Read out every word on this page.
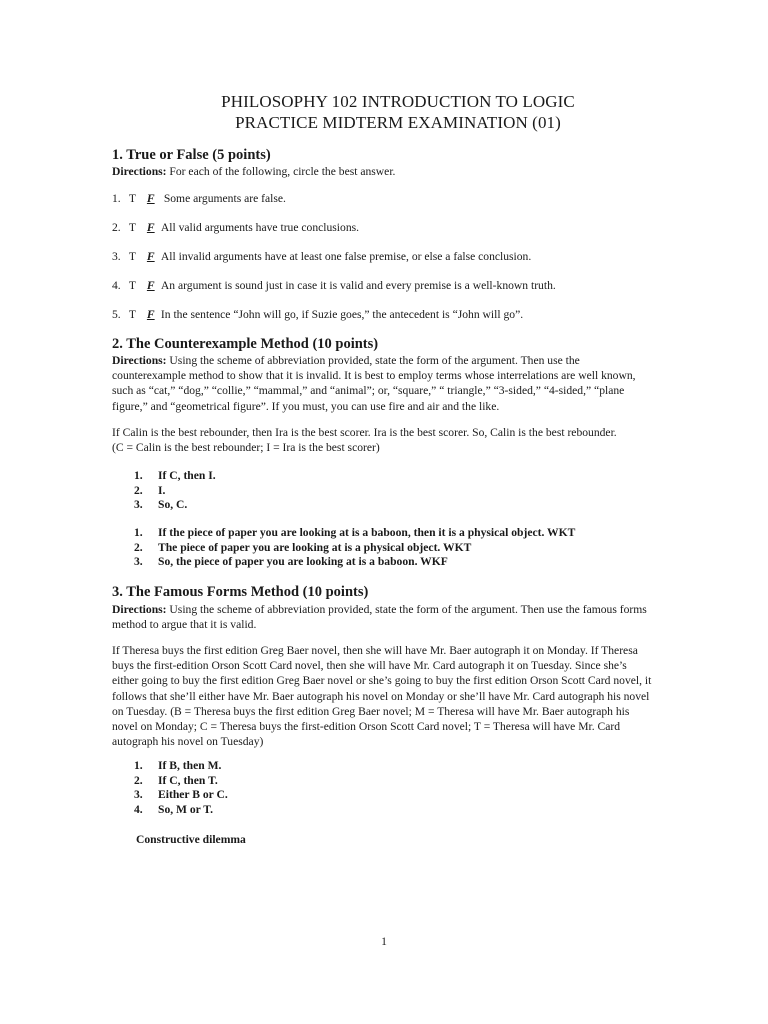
PHILOSOPHY 102 INTRODUCTION TO LOGIC
PRACTICE MIDTERM EXAMINATION (01)
1. True or False (5 points)
Directions: For each of the following, circle the best answer.
1. T F Some arguments are false.
2. T F All valid arguments have true conclusions.
3. T F All invalid arguments have at least one false premise, or else a false conclusion.
4. T F An argument is sound just in case it is valid and every premise is a well-known truth.
5. T F In the sentence “John will go, if Suzie goes,” the antecedent is “John will go”.
2. The Counterexample Method (10 points)
Directions: Using the scheme of abbreviation provided, state the form of the argument. Then use the counterexample method to show that it is invalid. It is best to employ terms whose interrelations are well known, such as “cat,” “dog,” “collie,” “mammal,” and “animal”; or, “square,” “ triangle,” “3-sided,” “4-sided,” “plane figure,” and “geometrical figure”. If you must, you can use fire and air and the like.
If Calin is the best rebounder, then Ira is the best scorer. Ira is the best scorer. So, Calin is the best rebounder.
(C = Calin is the best rebounder; I = Ira is the best scorer)
1. If C, then I.
2. I.
3. So, C.
1. If the piece of paper you are looking at is a baboon, then it is a physical object. WKT
2. The piece of paper you are looking at is a physical object. WKT
3. So, the piece of paper you are looking at is a baboon. WKF
3. The Famous Forms Method (10 points)
Directions: Using the scheme of abbreviation provided, state the form of the argument. Then use the famous forms method to argue that it is valid.
If Theresa buys the first edition Greg Baer novel, then she will have Mr. Baer autograph it on Monday. If Theresa buys the first-edition Orson Scott Card novel, then she will have Mr. Card autograph it on Tuesday. Since she’s either going to buy the first edition Greg Baer novel or she’s going to buy the first edition Orson Scott Card novel, it follows that she’ll either have Mr. Baer autograph his novel on Monday or she’ll have Mr. Card autograph his novel on Tuesday. (B = Theresa buys the first edition Greg Baer novel; M = Theresa will have Mr. Baer autograph his novel on Monday; C = Theresa buys the first-edition Orson Scott Card novel; T = Theresa will have Mr. Card autograph his novel on Tuesday)
1. If B, then M.
2. If C, then T.
3. Either B or C.
4. So, M or T.
Constructive dilemma
1
